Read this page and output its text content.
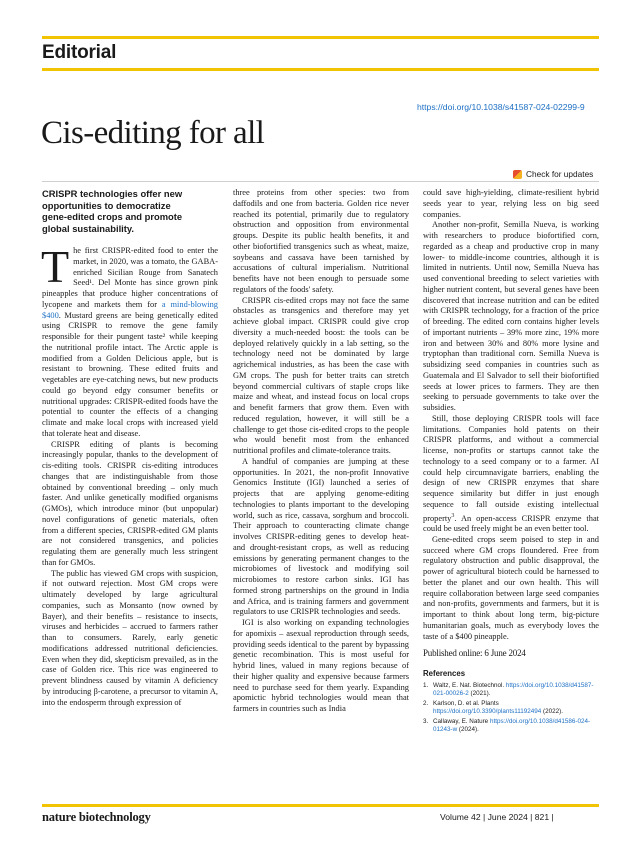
Editorial
https://doi.org/10.1038/s41587-024-02299-9
Cis-editing for all
Check for updates
CRISPR technologies offer new opportunities to democratize gene-edited crops and promote global sustainability.

The first CRISPR-edited food to enter the market, in 2020, was a tomato, the GABA-enriched Sicilian Rouge from Sanatech Seed¹. Del Monte has since grown pink pineapples that produce higher concentrations of lycopene and markets them for a mind-blowing $400. Mustard greens are being genetically edited using CRISPR to remove the gene family responsible for their pungent taste² while keeping the nutritional profile intact. The Arctic apple is modified from a Golden Delicious apple, but is resistant to browning. These edited fruits and vegetables are eye-catching news, but new products could go beyond edgy consumer benefits or nutritional upgrades: CRISPR-edited foods have the potential to counter the effects of a changing climate and make local crops with increased yield that tolerate heat and disease.

CRISPR editing of plants is becoming increasingly popular, thanks to the development of cis-editing tools. CRISPR cis-editing introduces changes that are indistinguishable from those obtained by conventional breeding – only much faster. And unlike genetically modified organisms (GMOs), which introduce minor (but unpopular) novel configurations of genetic materials, often from a different species, CRISPR-edited GM plants are not considered transgenics, and policies regulating them are generally much less stringent than for GMOs.

The public has viewed GM crops with suspicion, if not outward rejection. Most GM crops were ultimately developed by large agricultural companies, such as Monsanto (now owned by Bayer), and their benefits – resistance to insects, viruses and herbicides – accrued to farmers rather than to consumers. Rarely, early genetic modifications addressed nutritional deficiencies. Even when they did, skepticism prevailed, as in the case of Golden rice. This rice was engineered to prevent blindness caused by vitamin A deficiency by introducing β-carotene, a precursor to vitamin A, into the endosperm through expression of

three proteins from other species: two from daffodils and one from bacteria. Golden rice never reached its potential, primarily due to regulatory obstruction and opposition from environmental groups. Despite its public health benefits, it and other biofortified transgenics such as wheat, maize, soybeans and cassava have been tarnished by accusations of cultural imperialism. Nutritional benefits have not been enough to persuade some regulators of the foods' safety.

CRISPR cis-edited crops may not face the same obstacles as transgenics and therefore may yet achieve global impact. CRISPR could give crop diversity a much-needed boost: the tools can be deployed relatively quickly in a lab setting, so the technology need not be dominated by large agrichemical industries, as has been the case with GM crops. The push for better traits can stretch beyond commercial cultivars of staple crops like maize and wheat, and instead focus on local crops and benefit farmers that grow them. Even with reduced regulation, however, it will still be a challenge to get those cis-edited crops to the people who would benefit most from the enhanced nutritional profiles and climate-tolerance traits.

A handful of companies are jumping at these opportunities. In 2021, the non-profit Innovative Genomics Institute (IGI) launched a series of projects that are applying genome-editing technologies to plants important to the developing world, such as rice, cassava, sorghum and broccoli. Their approach to counteracting climate change involves CRISPR-editing genes to develop heat- and drought-resistant crops, as well as reducing emissions by generating permanent changes to the microbiomes of livestock and modifying soil microbiomes to restore carbon sinks. IGI has formed strong partnerships on the ground in India and Africa, and is training farmers and government regulators to use CRISPR technologies and seeds.

IGI is also working on expanding technologies for apomixis – asexual reproduction through seeds, providing seeds identical to the parent by bypassing genetic recombination. This is most useful for hybrid lines, valued in many regions because of their higher quality and expensive because farmers need to purchase seed for them yearly. Expanding apomictic hybrid technologies would mean that farmers in countries such as India

could save high-yielding, climate-resilient hybrid seeds year to year, relying less on big seed companies.

Another non-profit, Semilla Nueva, is working with researchers to produce biofortified corn, regarded as a cheap and productive crop in many lower- to middle-income countries, although it is limited in nutrients. Until now, Semilla Nueva has used conventional breeding to select varieties with higher nutrient content, but several genes have been discovered that increase nutrition and can be edited with CRISPR technology, for a fraction of the price of breeding. The edited corn contains higher levels of important nutrients – 39% more zinc, 19% more iron and between 30% and 80% more lysine and tryptophan than traditional corn. Semilla Nueva is subsidizing seed companies in countries such as Guatemala and El Salvador to sell their biofortified seeds at lower prices to farmers. They are then seeking to persuade governments to take over the subsidies.

Still, those deploying CRISPR tools will face limitations. Companies hold patents on their CRISPR platforms, and without a commercial license, non-profits or startups cannot take the technology to a seed company or to a farmer. AI could help circumnavigate barriers, enabling the design of new CRISPR enzymes that share sequence similarity but differ in just enough sequence to fall outside existing intellectual property$^3$. An open-access CRISPR enzyme that could be used freely might be an even better tool.

Gene-edited crops seem poised to step in and succeed where GM crops floundered. Free from regulatory obstruction and public disapproval, the power of agricultural biotech could be harnessed to better the planet and our own health. This will require collaboration between large seed companies and non-profits, governments and farmers, but it is important to think about long term, big-picture humanitarian goals, much as everybody loves the taste of a $400 pineapple.

Published online: 6 June 2024
References
1. Waltz, E. Nat. Biotechnol. https://doi.org/10.1038/d41587-021-00026-2 (2021).
2. Karlson, D. et al. Plants https://doi.org/10.3390/plants11192494 (2022).
3. Callaway, E. Nature https://doi.org/10.1038/d41586-024-01243-w (2024).
nature biotechnology	Volume 42 | June 2024 | 821 |
